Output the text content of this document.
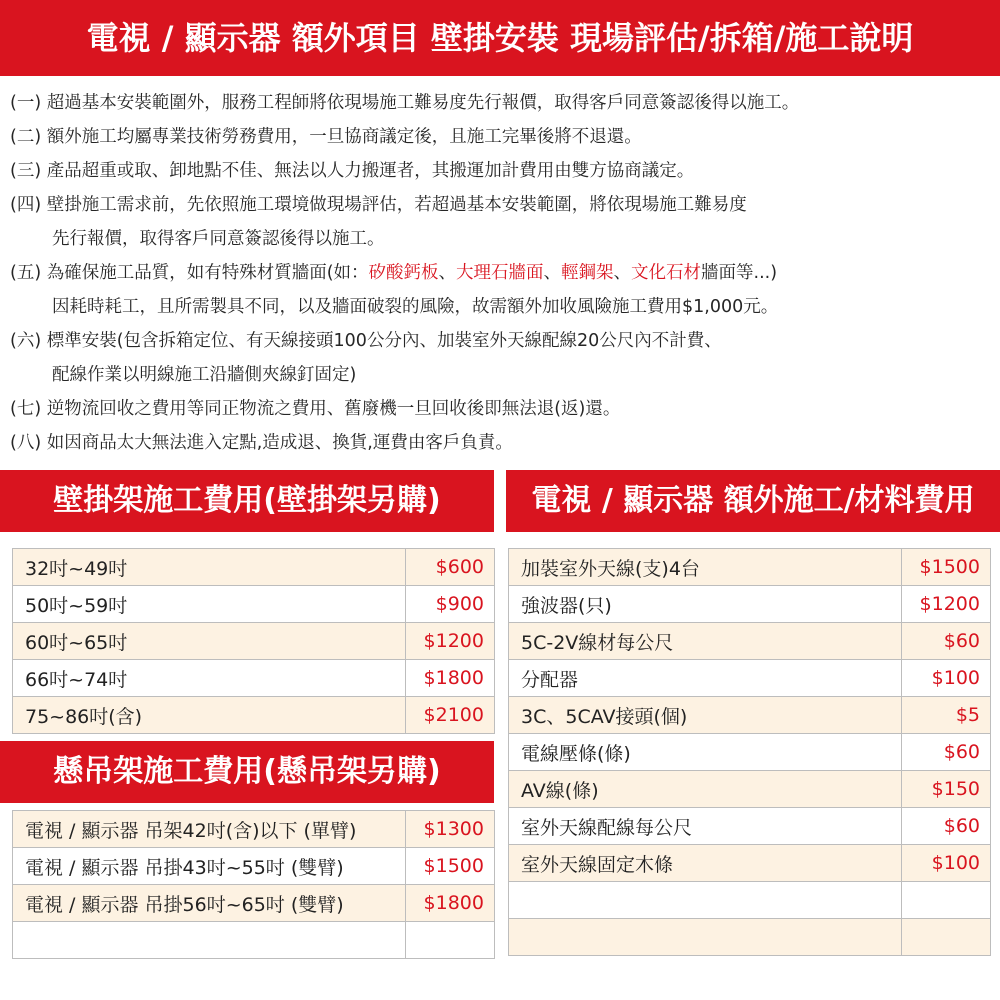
電視 / 顯示器 額外項目 壁掛安裝 現場評估/拆箱/施工說明
(一) 超過基本安裝範圍外，服務工程師將依現場施工難易度先行報價，取得客戶同意簽認後得以施工。
(二) 額外施工均屬專業技術勞務費用，一旦協商議定後，且施工完畢後將不退還。
(三) 產品超重或取、卸地點不佳、無法以人力搬運者，其搬運加計費用由雙方協商議定。
(四) 壁掛施工需求前，先依照施工環境做現場評估，若超過基本安裝範圍，將依現場施工難易度
先行報價，取得客戶同意簽認後得以施工。
(五) 為確保施工品質，如有特殊材質牆面(如：矽酸鈣板、大理石牆面、輕鋼架、文化石材牆面等...)
因耗時耗工，且所需製具不同，以及牆面破裂的風險，故需額外加收風險施工費用$1,000元。
(六) 標準安裝(包含拆箱定位、有天線接頭100公分內、加裝室外天線配線20公尺內不計費、
配線作業以明線施工沿牆側夾線釘固定)
(七) 逆物流回收之費用等同正物流之費用、舊廢機一旦回收後即無法退(返)還。
(八) 如因商品太大無法進入定點,造成退、換貨,運費由客戶負責。
壁掛架施工費用(壁掛架另購)	電視 / 顯示器 額外施工/材料費用
32吋~49吋	$600
50吋~59吋	$900
60吋~65吋	$1200
66吋~74吋	$1800
75~86吋(含)	$2100
懸吊架施工費用(懸吊架另購)
電視 / 顯示器 吊架42吋(含)以下 (單臂)	$1300
電視 / 顯示器 吊掛43吋~55吋 (雙臂)	$1500
電視 / 顯示器 吊掛56吋~65吋 (雙臂)	$1800

加裝室外天線(支)4台	$1500
強波器(只)	$1200
5C-2V線材每公尺	$60
分配器	$100
3C、5CAV接頭(個)	$5
電線壓條(條)	$60
AV線(條)	$150
室外天線配線每公尺	$60
室外天線固定木條	$100
